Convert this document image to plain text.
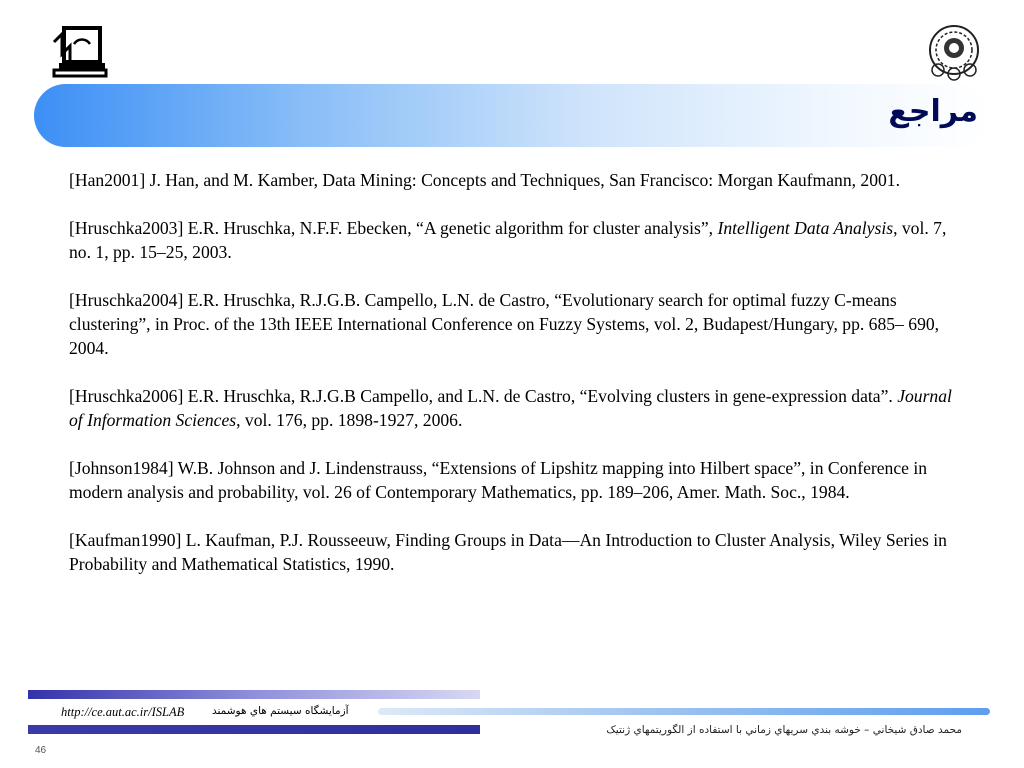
مراجع

[Han2001] J. Han, and M. Kamber, Data Mining: Concepts and Techniques, San Francisco: Morgan Kaufmann, 2001.

[Hruschka2003] E.R. Hruschka, N.F.F. Ebecken, “A genetic algorithm for cluster analysis”, Intelligent Data Analysis, vol. 7, no. 1, pp. 15–25, 2003.

[Hruschka2004] E.R. Hruschka, R.J.G.B. Campello, L.N. de Castro, “Evolutionary search for optimal fuzzy C-means clustering”, in Proc. of the 13th IEEE International Conference on Fuzzy Systems, vol. 2, Budapest/Hungary, pp. 685– 690, 2004.

[Hruschka2006] E.R. Hruschka, R.J.G.B Campello, and L.N. de Castro, “Evolving clusters in gene-expression data”. Journal of Information Sciences, vol. 176, pp. 1898-1927, 2006.

[Johnson1984] W.B. Johnson and J. Lindenstrauss, “Extensions of Lipshitz mapping into Hilbert space”, in Conference in modern analysis and probability, vol. 26 of Contemporary Mathematics, pp. 189–206, Amer. Math. Soc., 1984.

[Kaufman1990] L. Kaufman, P.J. Rousseeuw, Finding Groups in Data—An Introduction to Cluster Analysis, Wiley Series in Probability and Mathematical Statistics, 1990.

http://ce.aut.ac.ir/ISLAB	آزمايشگاه سيستم هاي هوشمند
محمد صادق شيخاني – خوشه بندي سريهاي زماني با استفاده از الگوريتمهاي ژنتيک
46
